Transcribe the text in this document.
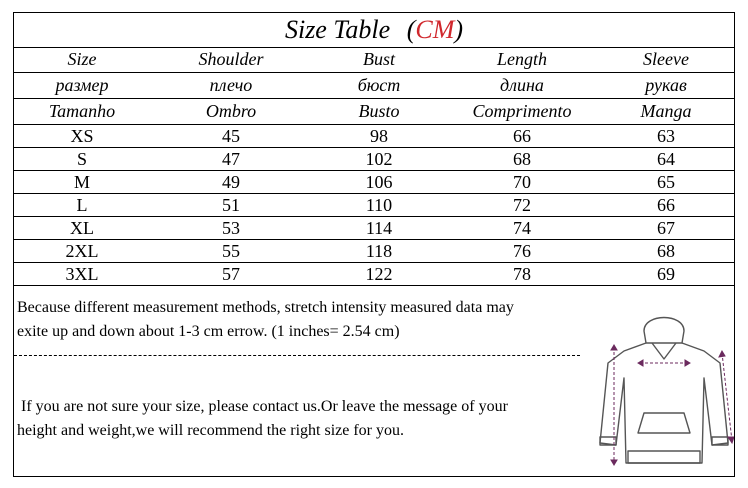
Size Table (CM)
Size	Shoulder	Bust	Length	Sleeve
размер	плечо	бюст	длина	рукав
Tamanho	Ombro	Busto	Comprimento	Manga
XS	45	98	66	63
S	47	102	68	64
M	49	106	70	65
L	51	110	72	66
XL	53	114	74	67
2XL	55	118	76	68
3XL	57	122	78	69
Because different measurement methods, stretch intensity measured data may
exite up and down about 1-3 cm errow. (1 inches= 2.54 cm)
If you are not sure your size, please contact us.Or leave the message of your
height and weight,we will recommend the right size for you.
